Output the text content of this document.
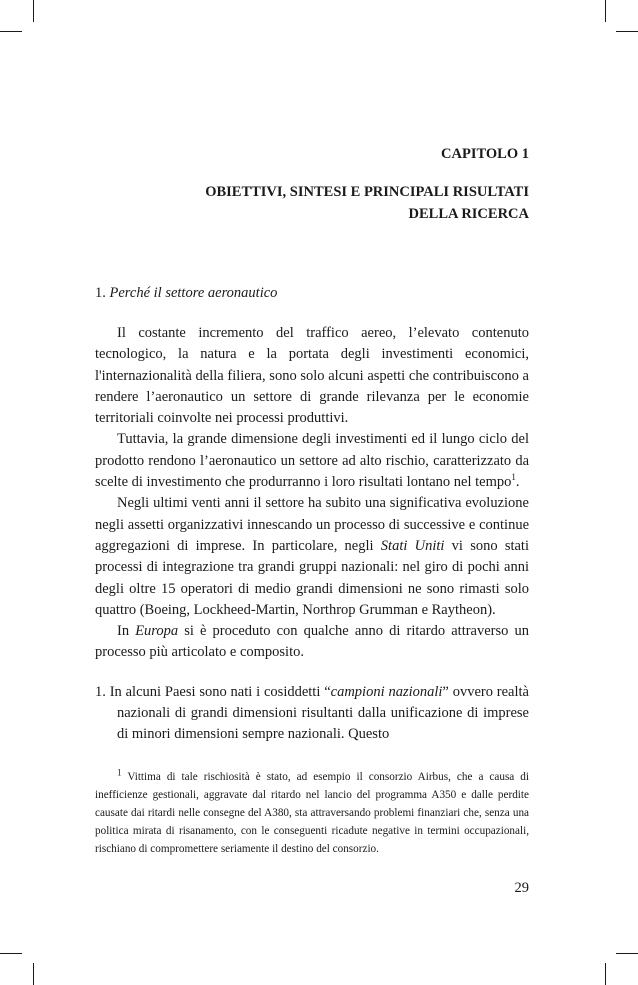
CAPITOLO 1

OBIETTIVI, SINTESI E PRINCIPALI RISULTATI
DELLA RICERCA

1. Perché il settore aeronautico

Il costante incremento del traffico aereo, l’elevato contenuto tecnologico, la natura e la portata degli investimenti economici, l'internazionalità della filiera, sono solo alcuni aspetti che contribuiscono a rendere l’aeronautico un settore di grande rilevanza per le economie territoriali coinvolte nei processi produttivi.

Tuttavia, la grande dimensione degli investimenti ed il lungo ciclo del prodotto rendono l’aeronautico un settore ad alto rischio, caratterizzato da scelte di investimento che produrranno i loro risultati lontano nel tempo$^1$.

Negli ultimi venti anni il settore ha subito una significativa evoluzione negli assetti organizzativi innescando un processo di successive e continue aggregazioni di imprese. In particolare, negli Stati Uniti vi sono stati processi di integrazione tra grandi gruppi nazionali: nel giro di pochi anni degli oltre 15 operatori di medio grandi dimensioni ne sono rimasti solo quattro (Boeing, Lockheed-Martin, Northrop Grumman e Raytheon).

In Europa si è proceduto con qualche anno di ritardo attraverso un processo più articolato e composito.

1. In alcuni Paesi sono nati i cosiddetti “campioni nazionali” ovvero realtà nazionali di grandi dimensioni risultanti dalla unificazione di imprese di minori dimensioni sempre nazionali. Questo
$^1$ Vittima di tale rischiosità è stato, ad esempio il consorzio Airbus, che a causa di inefficienze gestionali, aggravate dal ritardo nel lancio del programma A350 e dalle perdite causate dai ritardi nelle consegne del A380, sta attraversando problemi finanziari che, senza una politica mirata di risanamento, con le conseguenti ricadute negative in termini occupazionali, rischiano di compromettere seriamente il destino del consorzio.

29
